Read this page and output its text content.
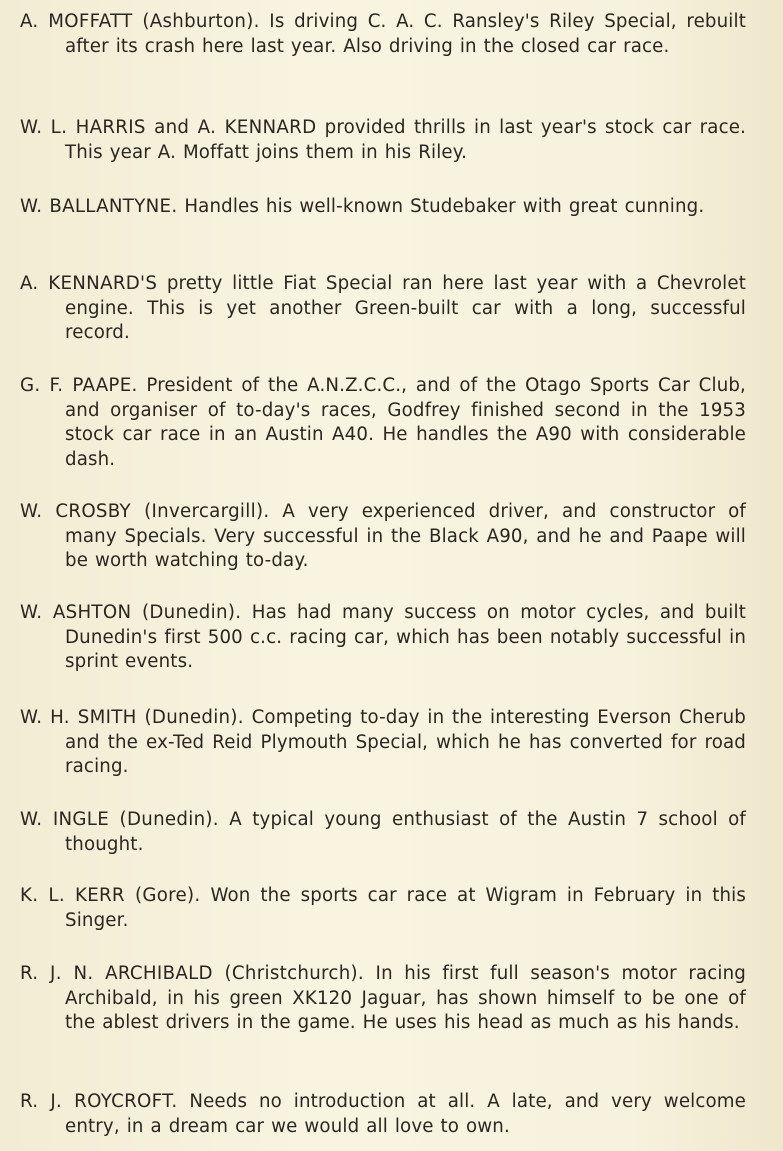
A. MOFFATT (Ashburton). Is driving C. A. C. Ransley's Riley Special, rebuilt after its crash here last year. Also driving in the closed car race.

W. L. HARRIS and A. KENNARD provided thrills in last year's stock car race. This year A. Moffatt joins them in his Riley.

W. BALLANTYNE. Handles his well-known Studebaker with great cunning.

A. KENNARD'S pretty little Fiat Special ran here last year with a Chevrolet engine. This is yet another Green-built car with a long, successful record.

G. F. PAAPE. President of the A.N.Z.C.C., and of the Otago Sports Car Club, and organiser of to-day's races, Godfrey finished second in the 1953 stock car race in an Austin A40. He handles the A90 with considerable dash.

W. CROSBY (Invercargill). A very experienced driver, and constructor of many Specials. Very successful in the Black A90, and he and Paape will be worth watching to-day.

W. ASHTON (Dunedin). Has had many success on motor cycles, and built Dunedin's first 500 c.c. racing car, which has been notably successful in sprint events.

W. H. SMITH (Dunedin). Competing to-day in the interesting Everson Cherub and the ex-Ted Reid Plymouth Special, which he has converted for road racing.

W. INGLE (Dunedin). A typical young enthusiast of the Austin 7 school of thought.

K. L. KERR (Gore). Won the sports car race at Wigram in February in this Singer.

R. J. N. ARCHIBALD (Christchurch). In his first full season's motor racing Archibald, in his green XK120 Jaguar, has shown himself to be one of the ablest drivers in the game. He uses his head as much as his hands.

R. J. ROYCROFT. Needs no introduction at all. A late, and very welcome entry, in a dream car we would all love to own.
